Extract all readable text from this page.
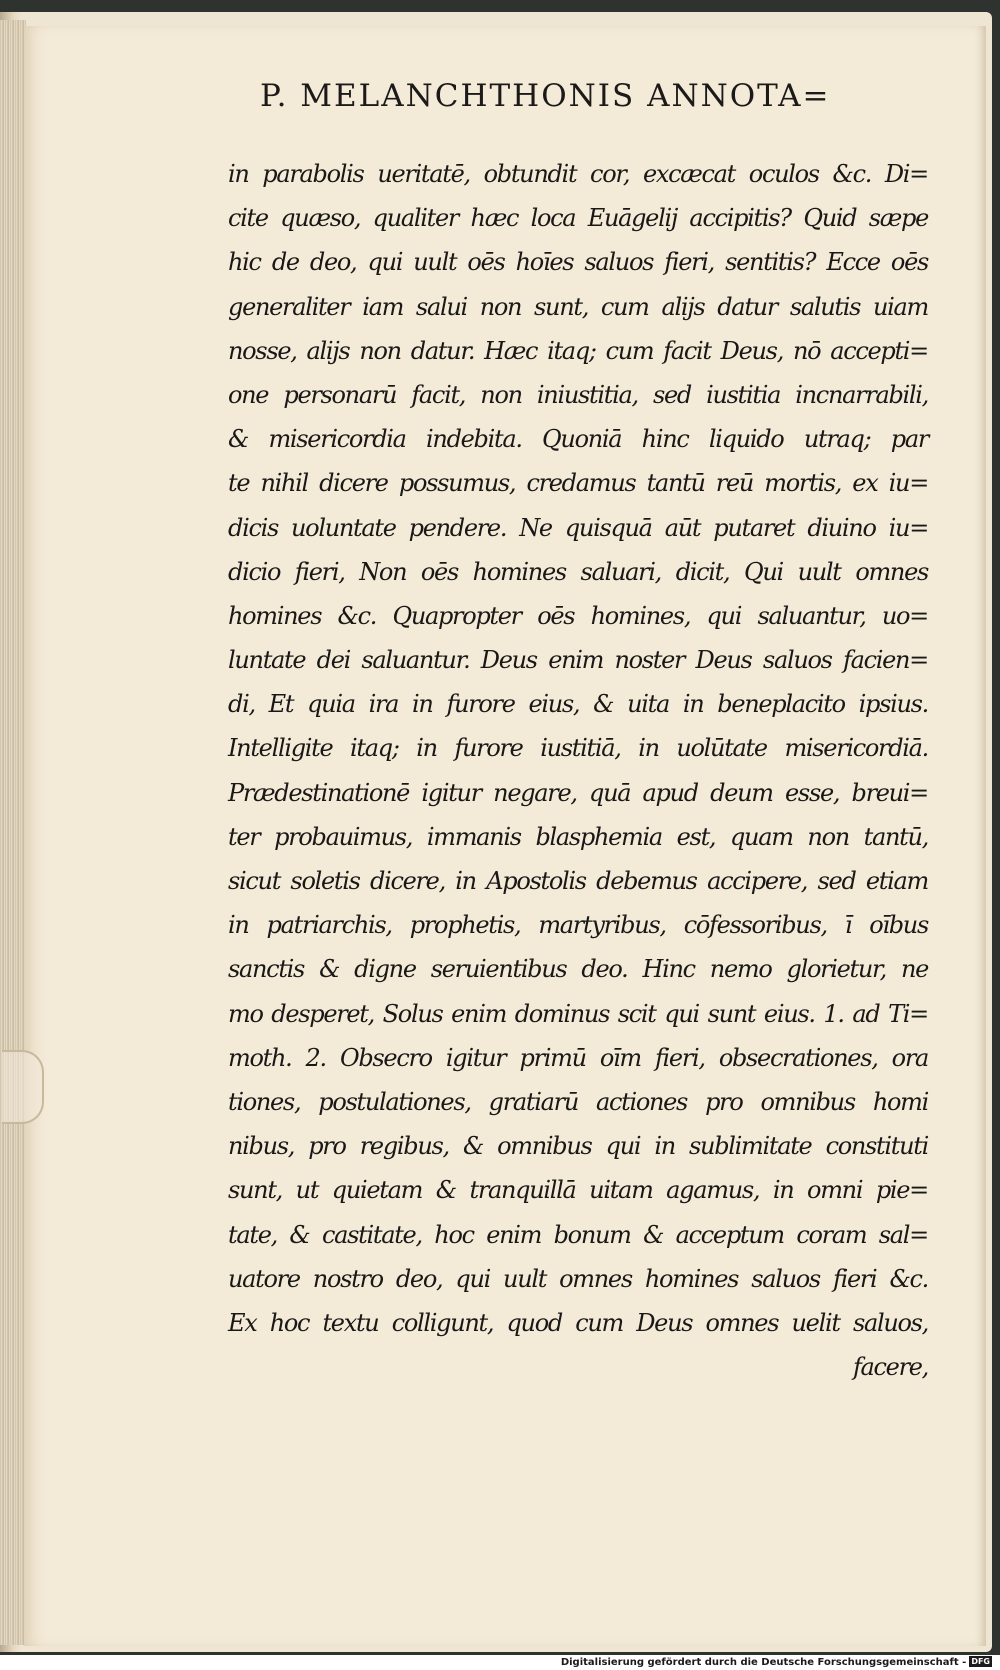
P. MELANCHTHONIS ANNOTA=
in parabolis ueritatē, obtundit cor, excæcat oculos &c. Di=
cite quæso, qualiter hæc loca Euāgelij accipitis? Quid sæpe
hic de deo, qui uult oēs hoīes saluos fieri, sentitis? Ecce oēs
generaliter iam salui non sunt, cum alijs datur salutis uiam
nosse, alijs non datur. Hæc itaq; cum facit Deus, nō accepti=
one personarū facit, non iniustitia, sed iustitia incnarrabili,
& misericordia indebita. Quoniā hinc liquido utraq; par
te nihil dicere possumus, credamus tantū reū mortis, ex iu=
dicis uoluntate pendere. Ne quisquā aūt putaret diuino iu=
dicio fieri, Non oēs homines saluari, dicit, Qui uult omnes
homines &c. Quapropter oēs homines, qui saluantur, uo=
luntate dei saluantur. Deus enim noster Deus saluos facien=
di, Et quia ira in furore eius, & uita in beneplacito ipsius.
Intelligite itaq; in furore iustitiā, in uolūtate misericordiā.
Prædestinationē igitur negare, quā apud deum esse, breui=
ter probauimus, immanis blasphemia est, quam non tantū,
sicut soletis dicere, in Apostolis debemus accipere, sed etiam
in patriarchis, prophetis, martyribus, cōfessoribus, ī oībus
sanctis & digne seruientibus deo. Hinc nemo glorietur, ne
mo desperet, Solus enim dominus scit qui sunt eius. 1. ad Ti=
moth. 2. Obsecro igitur primū oīm fieri, obsecrationes, ora
tiones, postulationes, gratiarū actiones pro omnibus homi
nibus, pro regibus, & omnibus qui in sublimitate constituti
sunt, ut quietam & tranquillā uitam agamus, in omni pie=
tate, & castitate, hoc enim bonum & acceptum coram sal=
uatore nostro deo, qui uult omnes homines saluos fieri &c.
Ex hoc textu colligunt, quod cum Deus omnes uelit saluos,
facere,
Digitalisierung gefördert durch die Deutsche Forschungsgemeinschaft - DFG
